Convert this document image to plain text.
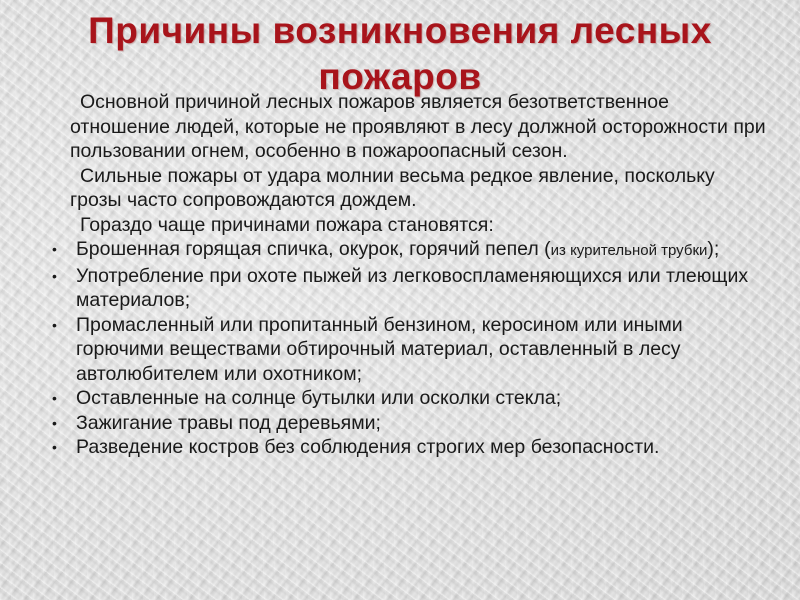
Причины возникновения лесных
пожаров

Основной причиной лесных пожаров является безответственное отношение людей, которые не проявляют в лесу должной осторожности при пользовании огнем, особенно в пожароопасный сезон.

Сильные пожары от удара молнии весьма редкое явление, поскольку грозы часто сопровождаются дождем.

Гораздо чаще причинами пожара становятся:

• Брошенная горящая спичка, окурок, горячий пепел (из курительной трубки);
• Употребление при охоте пыжей из легковоспламеняющихся или тлеющих материалов;
• Промасленный или пропитанный бензином, керосином или иными горючими веществами обтирочный материал, оставленный в лесу автолюбителем или охотником;
• Оставленные на солнце бутылки или осколки стекла;
• Зажигание травы под деревьями;
• Разведение костров без соблюдения строгих мер безопасности.
